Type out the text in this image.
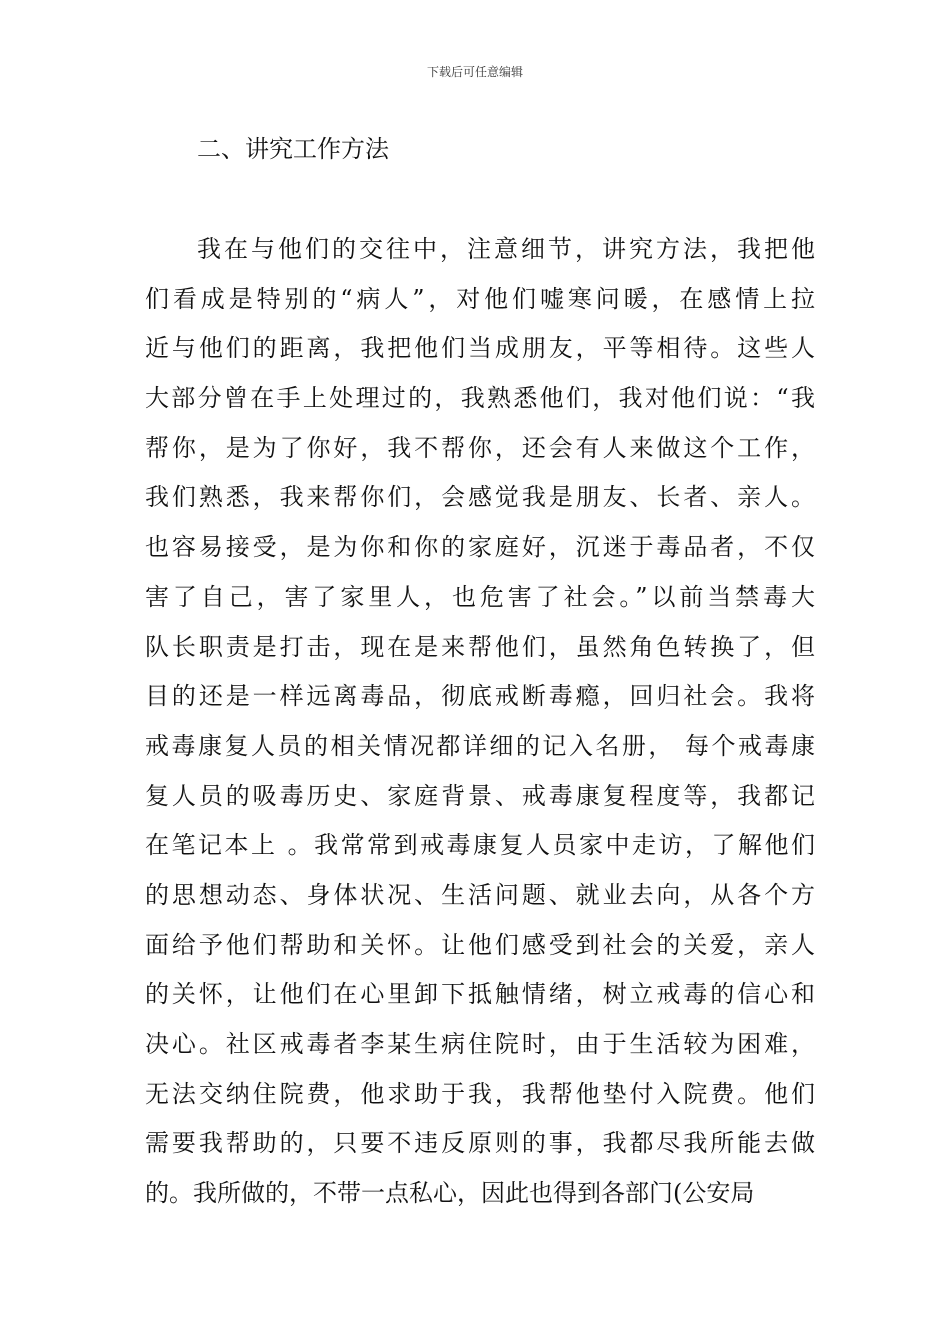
下载后可任意编辑
二、讲究工作方法
我在与他们的交往中，注意细节，讲究方法，我把他
们看成是特别的“病人”，对他们嘘寒问暖，在感情上拉
近与他们的距离，我把他们当成朋友，平等相待。这些人
大部分曾在手上处理过的，我熟悉他们，我对他们说：“我
帮你，是为了你好，我不帮你，还会有人来做这个工作，
我们熟悉，我来帮你们，会感觉我是朋友、长者、亲人。
也容易接受，是为你和你的家庭好，沉迷于毒品者，不仅
害了自己，害了家里人，也危害了社会。”以前当禁毒大
队长职责是打击，现在是来帮他们，虽然角色转换了，但
目的还是一样远离毒品，彻底戒断毒瘾，回归社会。我将
戒毒康复人员的相关情况都详细的记入名册， 每个戒毒康
复人员的吸毒历史、家庭背景、戒毒康复程度等，我都记
在笔记本上 。我常常到戒毒康复人员家中走访，了解他们
的思想动态、身体状况、生活问题、就业去向，从各个方
面给予他们帮助和关怀。让他们感受到社会的关爱，亲人
的关怀，让他们在心里卸下抵触情绪，树立戒毒的信心和
决心。社区戒毒者李某生病住院时，由于生活较为困难，
无法交纳住院费，他求助于我，我帮他垫付入院费。他们
需要我帮助的，只要不违反原则的事，我都尽我所能去做
的。我所做的，不带一点私心，因此也得到各部门(公安局
